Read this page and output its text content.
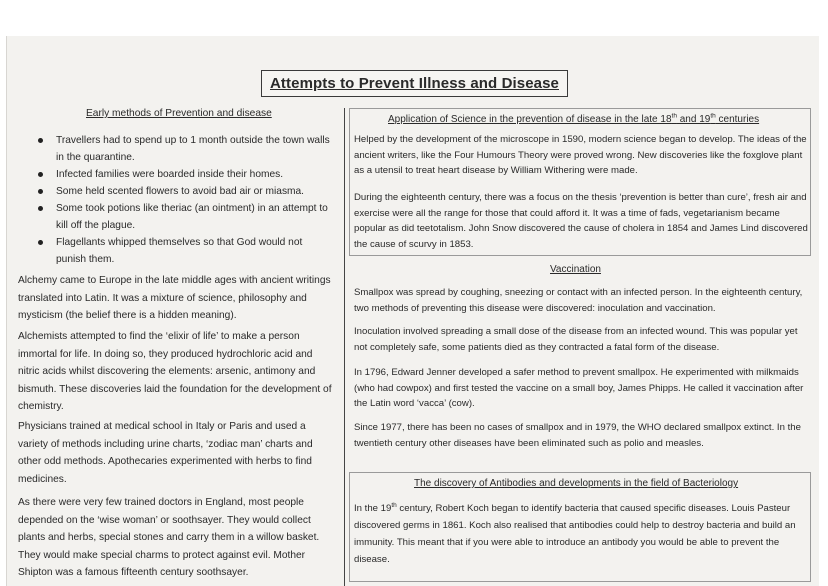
Attempts to Prevent Illness and Disease
Early methods of Prevention and disease
Travellers had to spend up to 1 month outside the town walls in the quarantine.
Infected families were boarded inside their homes.
Some held scented flowers to avoid bad air or miasma.
Some took potions like theriac (an ointment) in an attempt to kill off the plague.
Flagellants whipped themselves so that God would not punish them.
Alchemy came to Europe in the late middle ages with ancient writings translated into Latin. It was a mixture of science, philosophy and mysticism (the belief there is a hidden meaning).
Alchemists attempted to find the ‘elixir of life’ to make a person immortal for life. In doing so, they produced hydrochloric acid and nitric acids whilst discovering the elements: arsenic, antimony and bismuth. These discoveries laid the foundation for the development of chemistry.
Physicians trained at medical school in Italy or Paris and used a variety of methods including urine charts, ‘zodiac man’ charts and other odd methods. Apothecaries experimented with herbs to find medicines.
As there were very few trained doctors in England, most people depended on the ‘wise woman’ or soothsayer. They would collect plants and herbs, special stones and carry them in a willow basket. They would make special charms to protect against evil. Mother Shipton was a famous fifteenth century soothsayer.
Application of Science in the prevention of disease in the late 18th and 19th centuries
Helped by the development of the microscope in 1590, modern science began to develop. The ideas of the ancient writers, like the Four Humours Theory were proved wrong. New discoveries like the foxglove plant as a utensil to treat heart disease by William Withering were made.
During the eighteenth century, there was a focus on the thesis ‘prevention is better than cure’, fresh air and exercise were all the range for those that could afford it. It was a time of fads, vegetarianism became popular as did teetotalism. John Snow discovered the cause of cholera in 1854 and James Lind discovered the cause of scurvy in 1853.
Vaccination
Smallpox was spread by coughing, sneezing or contact with an infected person. In the eighteenth century, two methods of preventing this disease were discovered: inoculation and vaccination.
Inoculation involved spreading a small dose of the disease from an infected wound. This was popular yet not completely safe, some patients died as they contracted a fatal form of the disease.
In 1796, Edward Jenner developed a safer method to prevent smallpox. He experimented with milkmaids (who had cowpox) and first tested the vaccine on a small boy, James Phipps. He called it vaccination after the Latin word ‘vacca’ (cow).
Since 1977, there has been no cases of smallpox and in 1979, the WHO declared smallpox extinct. In the twentieth century other diseases have been eliminated such as polio and measles.
The discovery of Antibodies and developments in the field of Bacteriology
In the 19th century, Robert Koch began to identify bacteria that caused specific diseases. Louis Pasteur discovered germs in 1861. Koch also realised that antibodies could help to destroy bacteria and build an immunity. This meant that if you were able to introduce an antibody you would be able to prevent the disease.
